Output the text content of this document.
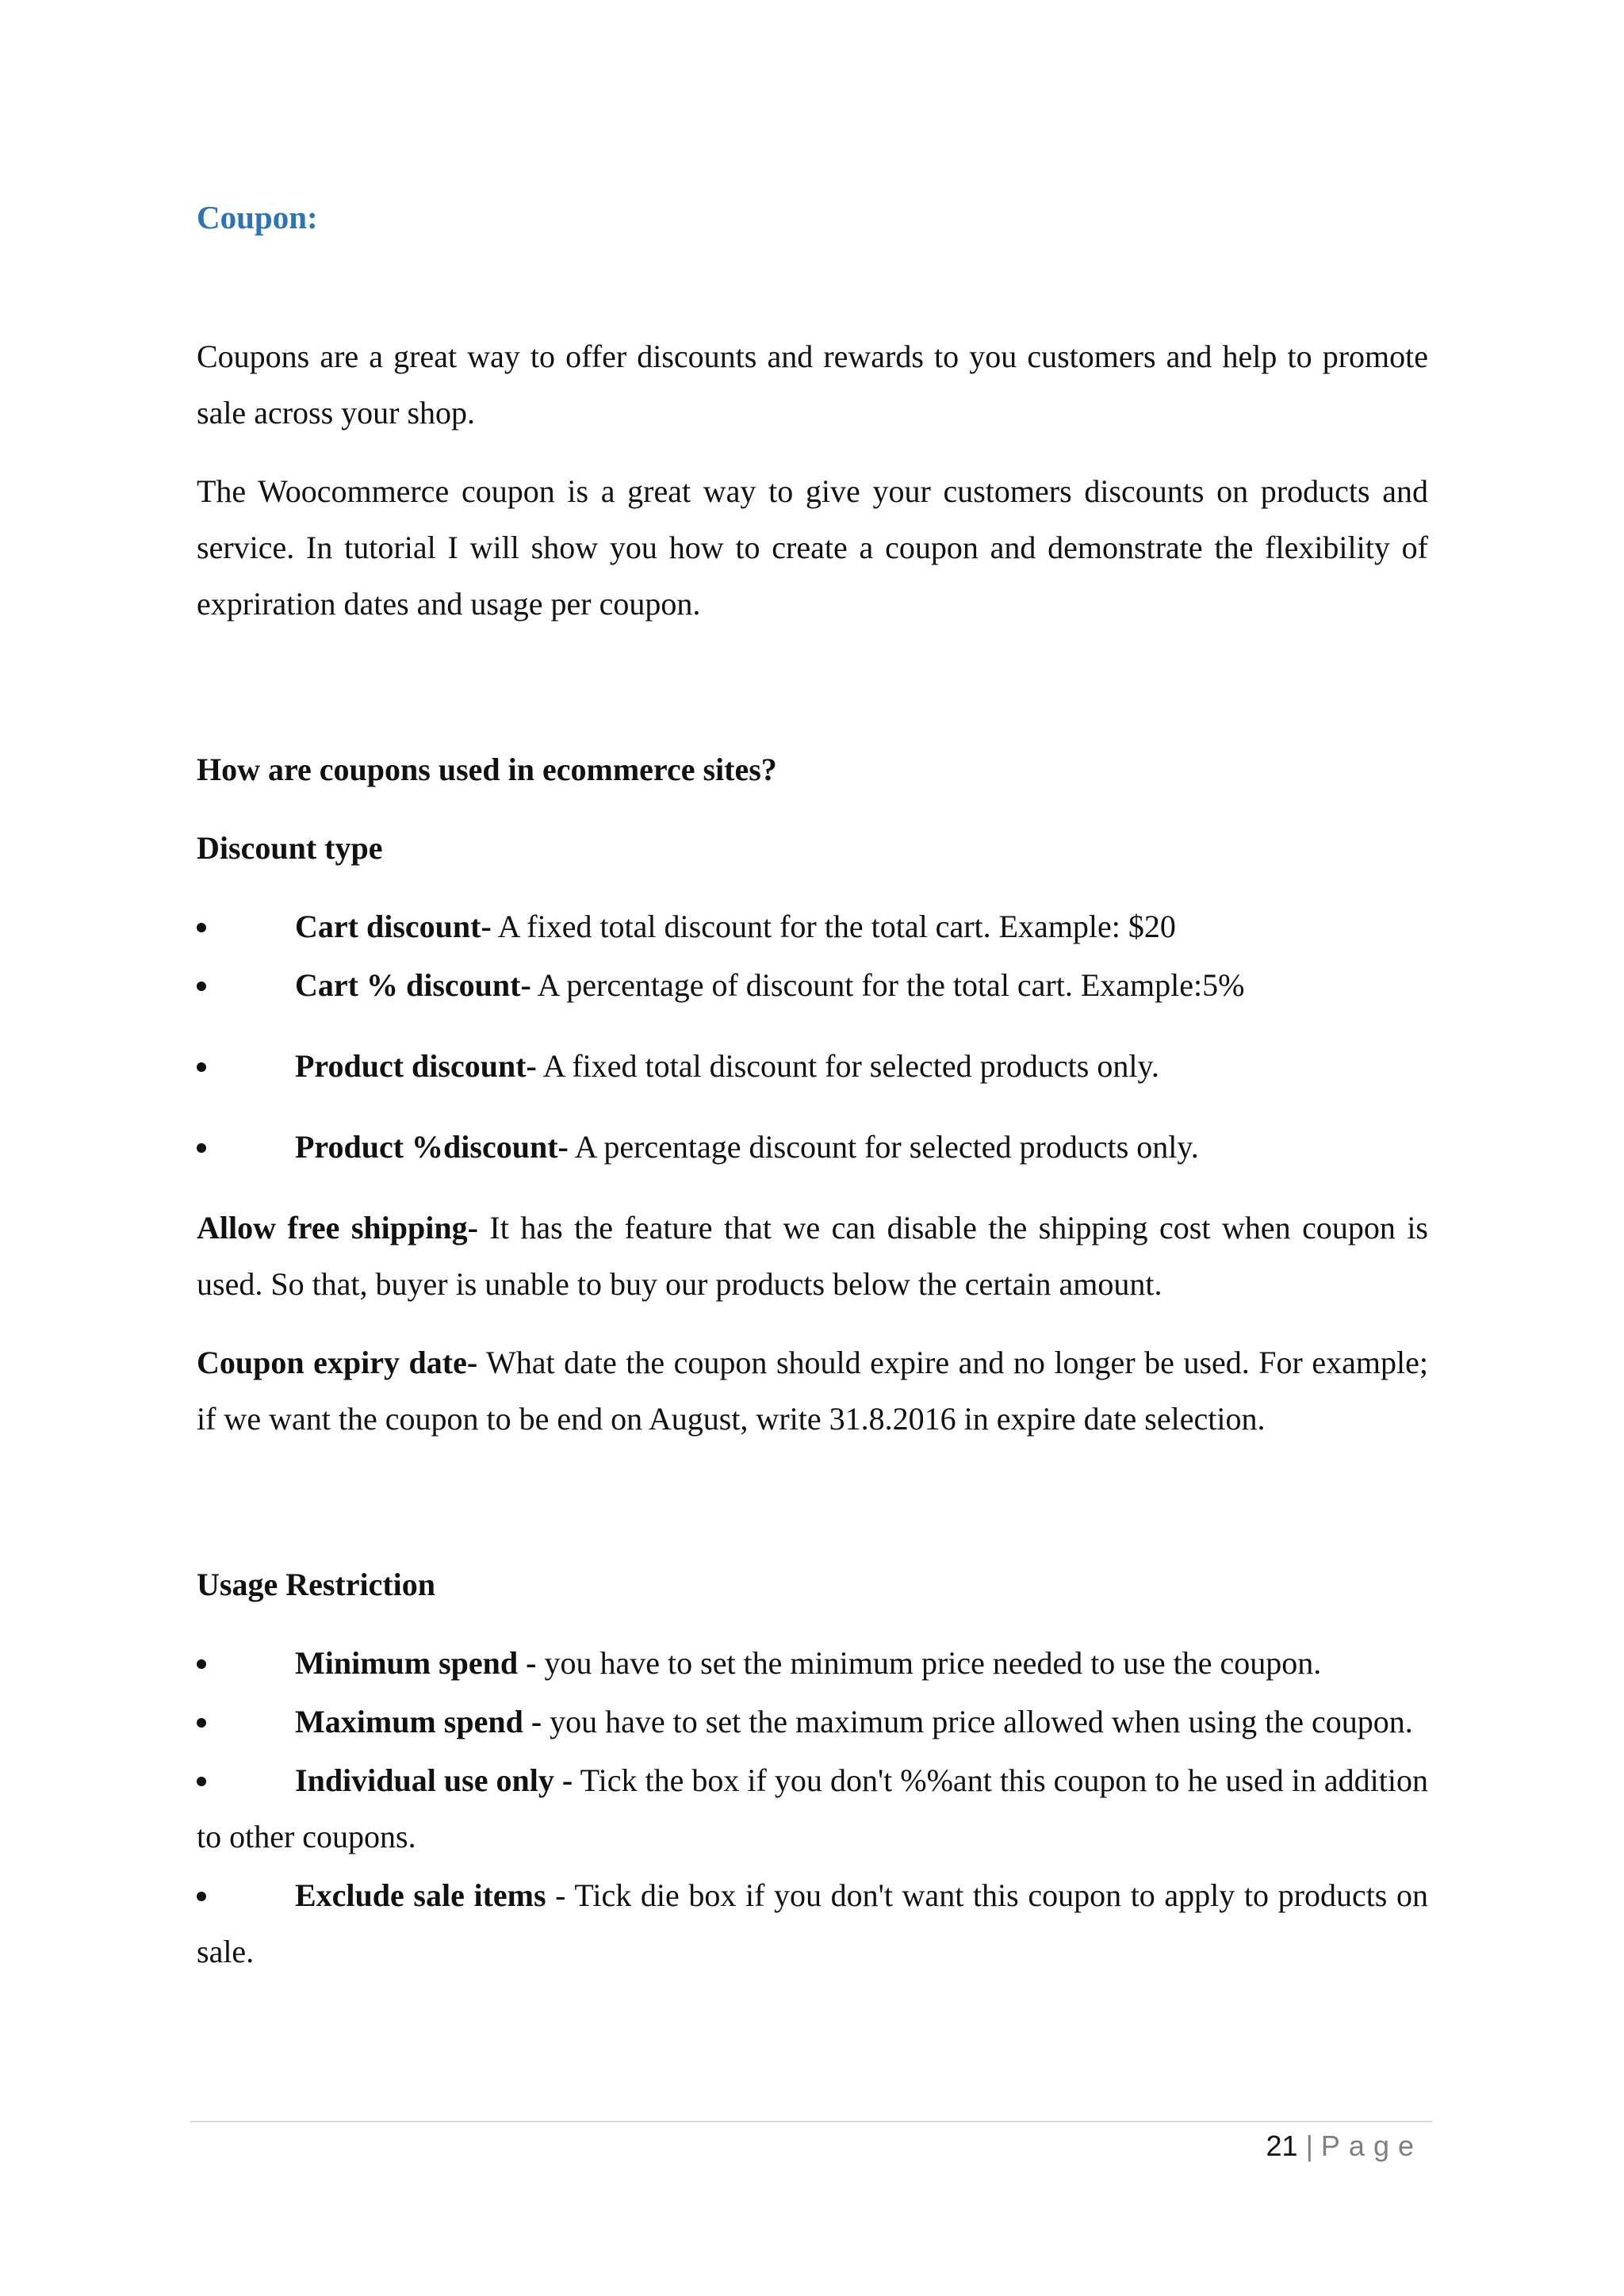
Coupon:

Coupons are a great way to offer discounts and rewards to you customers and help to promote sale across your shop.

The Woocommerce coupon is a great way to give your customers discounts on products and service. In tutorial I will show you how to create a coupon and demonstrate the flexibility of expriration dates and usage per coupon.

How are coupons used in ecommerce sites?
Discount type
Cart discount- A fixed total discount for the total cart. Example: $20
Cart % discount- A percentage of discount for the total cart. Example:5%
Product discount- A fixed total discount for selected products only.
Product %discount- A percentage discount for selected products only.

Allow free shipping- It has the feature that we can disable the shipping cost when coupon is used. So that, buyer is unable to buy our products below the certain amount.

Coupon expiry date- What date the coupon should expire and no longer be used. For example; if we want the coupon to be end on August, write 31.8.2016 in expire date selection.

Usage Restriction
Minimum spend - you have to set the minimum price needed to use the coupon.
Maximum spend - you have to set the maximum price allowed when using the coupon.
Individual use only - Tick the box if you don't %%ant this coupon to he used in addition to other coupons.
Exclude sale items - Tick die box if you don't want this coupon to apply to products on sale.
21 | Page
